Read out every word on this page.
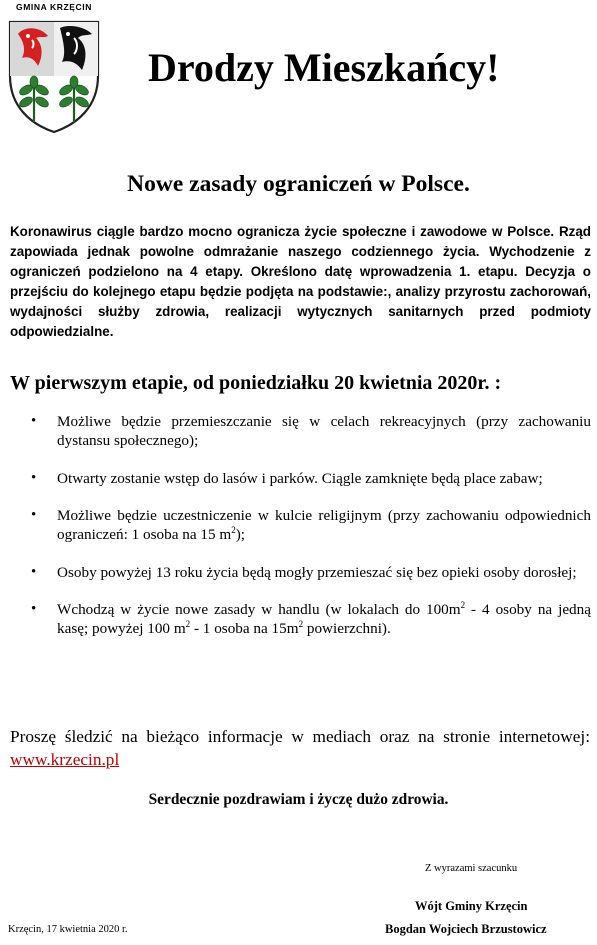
GMINA KRZĘCIN
Drodzy Mieszkańcy!
Nowe zasady ograniczeń w Polsce.
Koronawirus ciągle bardzo mocno ogranicza życie społeczne i zawodowe w Polsce. Rząd zapowiada jednak powolne odmrażanie naszego codziennego życia. Wychodzenie z ograniczeń podzielono na 4 etapy. Określono datę wprowadzenia 1. etapu. Decyzja o przejściu do kolejnego etapu będzie podjęta na podstawie:, analizy przyrostu zachorowań, wydajności służby zdrowia, realizacji wytycznych sanitarnych przed podmioty odpowiedzialne.
W pierwszym etapie, od poniedziałku 20 kwietnia 2020r. :
• Możliwe będzie przemieszczanie się w celach rekreacyjnych (przy zachowaniu dystansu społecznego);
• Otwarty zostanie wstęp do lasów i parków. Ciągle zamknięte będą place zabaw;
• Możliwe będzie uczestniczenie w kulcie religijnym (przy zachowaniu odpowiednich ograniczeń: 1 osoba na 15 $m^2$);
• Osoby powyżej 13 roku życia będą mogły przemieszać się bez opieki osoby dorosłej;
• Wchodzą w życie nowe zasady w handlu (w lokalach do $100m^2 - 4$ osoby na jedną kasę; powyżej 100 $m^2 - 1$ osoba na $15m^2$ powierzchni).
Proszę śledzić na bieżąco informacje w mediach oraz na stronie internetowej: www.krzecin.pl
Serdecznie pozdrawiam i życzę dużo zdrowia.
Z wyrazami szacunku
Wójt Gminy Krzęcin
Bogdan Wojciech Brzustowicz
Krzęcin, 17 kwietnia 2020 r.
